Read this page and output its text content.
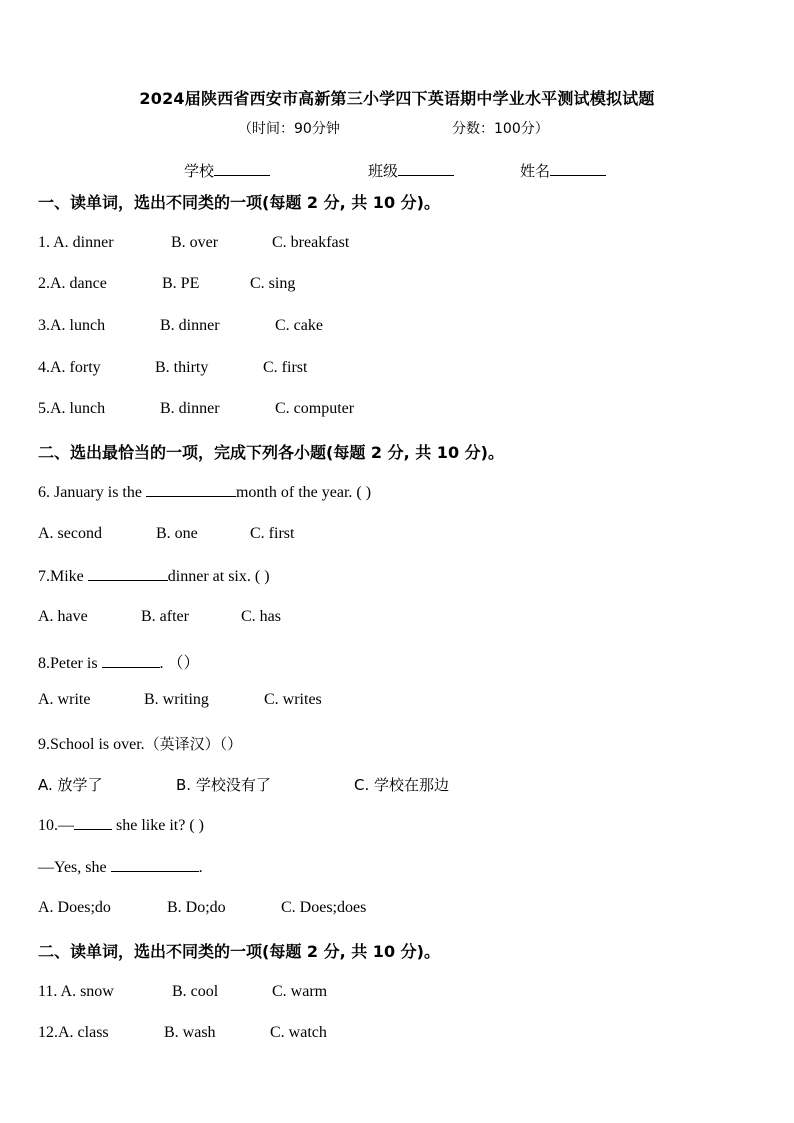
2024届陕西省西安市高新第三小学四下英语期中学业水平测试模拟试题
（时间：90分钟	分数：100分）
学校	班级	姓名
一、读单词，选出不同类的一项(每题 2 分, 共 10 分)。
1. A. dinner	B. over	C. breakfast
2.A. dance	B. PE	C. sing
3.A. lunch	B. dinner	C. cake
4.A. forty	B. thirty	C. first
5.A. lunch	B. dinner	C. computer
二、选出最恰当的一项，完成下列各小题(每题 2 分, 共 10 分)。
6. January is the	month of the year. ( )
A. second	B. one	C. first
7.Mike	dinner at six. ( )
A. have	B. after	C. has
8.Peter is	. （）
A. write	B. writing	C. writes
9.School is over.（英译汉）（）
A. 放学了	B. 学校没有了	C. 学校在那边
10.— she like it? ( )
—Yes, she	.
A. Does;do	B. Do;do	C. Does;does
二、读单词，选出不同类的一项(每题 2 分, 共 10 分)。
11. A. snow	B. cool	C. warm
12.A. class	B. wash	C. watch
